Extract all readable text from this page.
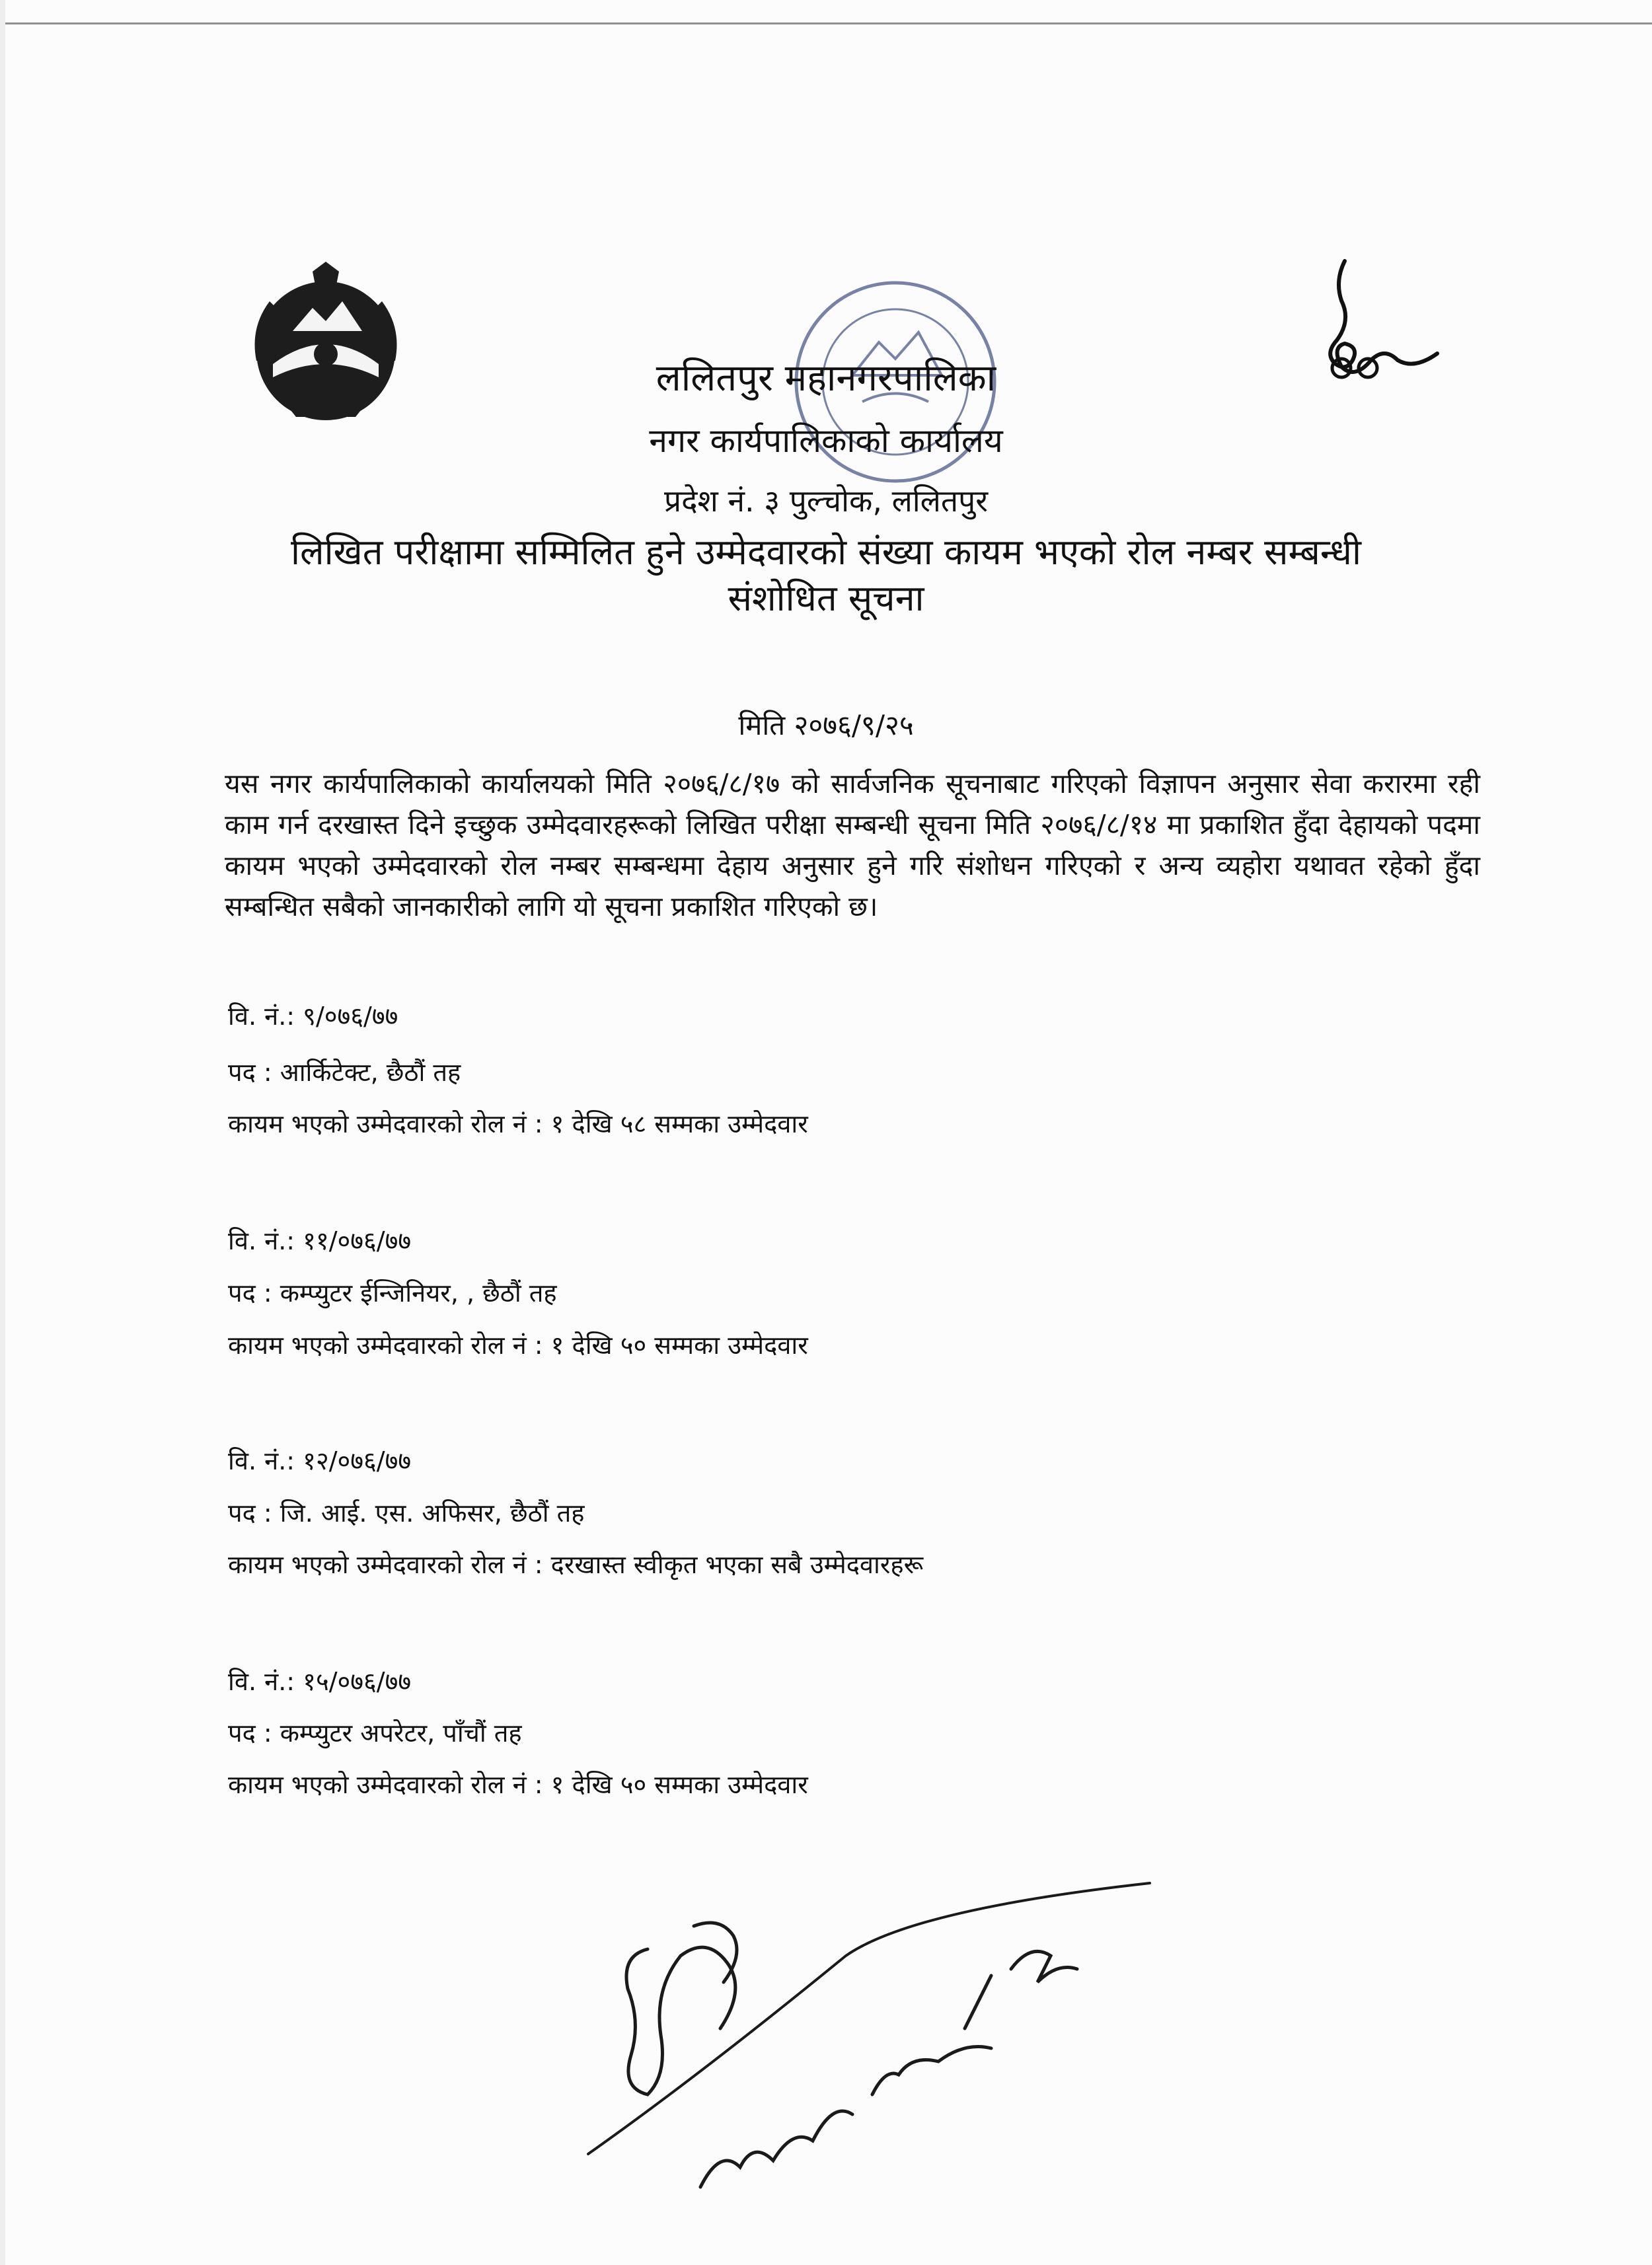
ललितपुर महानगरपालिका
नगर कार्यपालिकाको कार्यालय
प्रदेश नं. ३ पुल्चोक, ललितपुर
लिखित परीक्षामा सम्मिलित हुने उम्मेदवारको संख्या कायम भएको रोल नम्बर सम्बन्धी
संशोधित सूचना
मिति २०७६/९/२५
यस नगर कार्यपालिकाको कार्यालयको मिति २०७६/८/१७ को सार्वजनिक सूचनाबाट गरिएको विज्ञापन अनुसार सेवा करारमा रही काम गर्न दरखास्त दिने इच्छुक उम्मेदवारहरूको लिखित परीक्षा सम्बन्धी सूचना मिति २०७६/८/१४ मा प्रकाशित हुँदा देहायको पदमा कायम भएको उम्मेदवारको रोल नम्बर सम्बन्धमा देहाय अनुसार हुने गरि संशोधन गरिएको र अन्य व्यहोरा यथावत रहेको हुँदा सम्बन्धित सबैको जानकारीको लागि यो सूचना प्रकाशित गरिएको छ।
वि. नं.: ९/०७६/७७
पद : आर्किटेक्ट, छैठौं तह
कायम भएको उम्मेदवारको रोल नं : १ देखि ५८ सम्मका उम्मेदवार
वि. नं.: ११/०७६/७७
पद : कम्प्युटर ईन्जिनियर, , छैठौं तह
कायम भएको उम्मेदवारको रोल नं : १ देखि ५० सम्मका उम्मेदवार
वि. नं.: १२/०७६/७७
पद : जि. आई. एस. अफिसर, छैठौं तह
कायम भएको उम्मेदवारको रोल नं : दरखास्त स्वीकृत भएका सबै उम्मेदवारहरू
वि. नं.: १५/०७६/७७
पद : कम्प्युटर अपरेटर, पाँचौं तह
कायम भएको उम्मेदवारको रोल नं : १ देखि ५० सम्मका उम्मेदवार
